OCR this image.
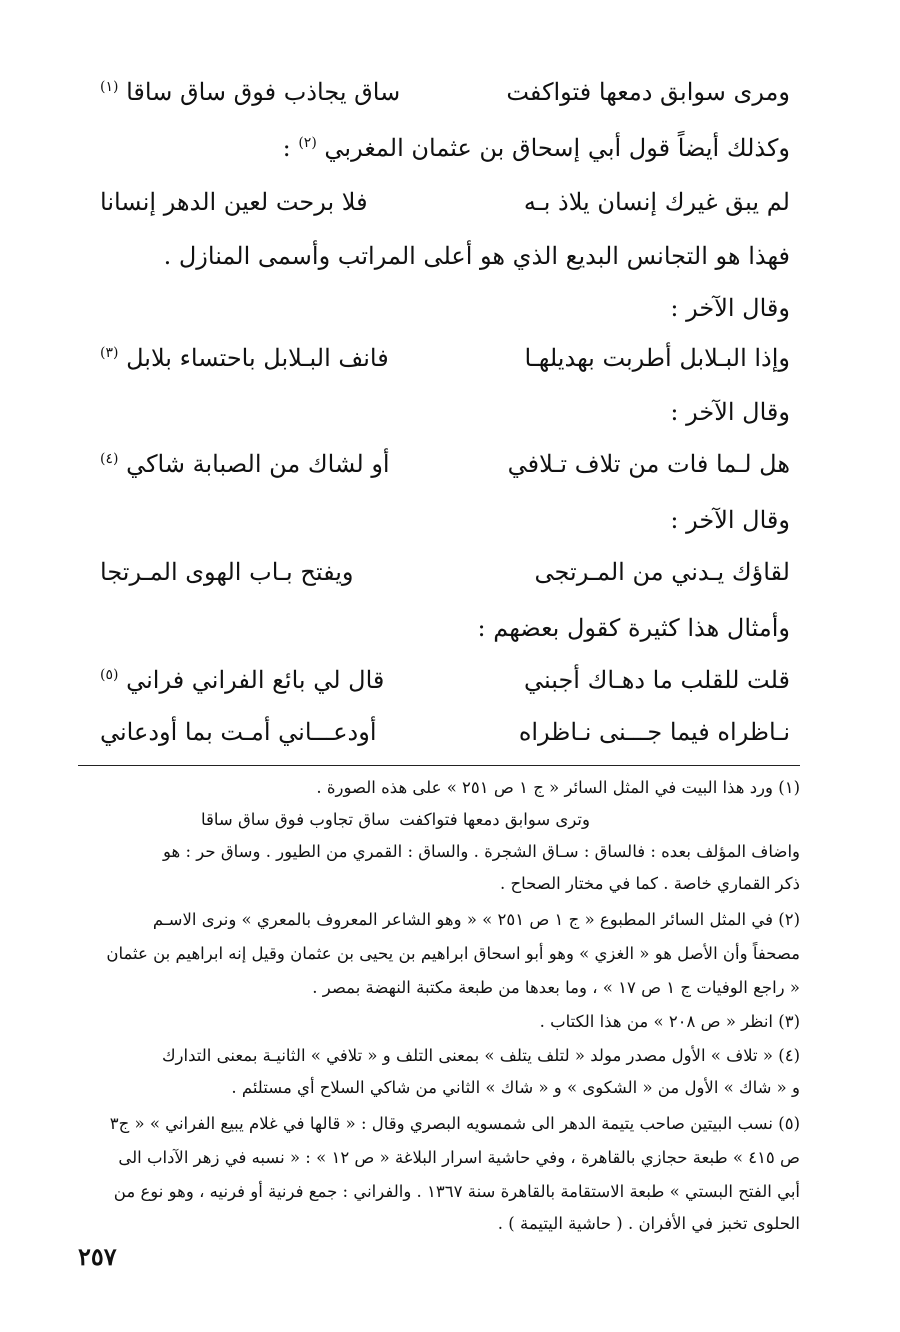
ومرى سوابق دمعها فتواكفت
ساق يجاذب فوق ساق ساقا $^{(١)}$
وكذلك أيضاً قول أبي إسحاق بن عثمان المغربي $^{(٢)}$ :
لم يبق غيرك إنسان يلاذ بـه
فلا برحت لعين الدهر إنسانا
فهذا هو التجانس البديع الذي هو أعلى المراتب وأسمى المنازل .
وقال الآخر :
وإذا البـلابل أطربت بهديلهـا
فانف البـلابل باحتساء بلابل $^{(٣)}$
وقال الآخر :
هل لـما فات من تلاف تـلافي
أو لشاك من الصبابة شاكي $^{(٤)}$
وقال الآخر :
لقاؤك يـدني من المـرتجى
ويفتح بـاب الهوى المـرتجا
وأمثال هذا كثيرة كقول بعضهم :
قلت للقلب ما دهـاك أجبني
قال لي بائع الفراني فراني $^{(٥)}$
نـاظراه فيما جـــنى نـاظراه
أودعـــاني أمـت بما أودعاني
(١) ورد هذا البيت في المثل السائر « ج ١ ص ٢٥١ » على هذه الصورة .
وترى سوابق دمعها فتواكفت
ساق تجاوب فوق ساق ساقا
واضاف المؤلف بعده : فالساق : سـاق الشجرة . والساق : القمري من الطيور . وساق حر : هو
ذكر القماري خاصة . كما في مختار الصحاح .
(٢) في المثل السائر المطبوع « ج ١ ص ٢٥١ » « وهو الشاعر المعروف بالمعري » ونرى الاسـم
مصحفاً وأن الأصل هو « الغزي » وهو أبو اسحاق ابراهيم بن يحيى بن عثمان وقيل إنه ابراهيم بن عثمان
« راجع الوفيات ج ١ ص ١٧ » ، وما بعدها من طبعة مكتبة النهضة بمصر .
(٣) انظر « ص ٢٠٨ » من هذا الكتاب .
(٤) « تلاف » الأول مصدر مولد « لتلف يتلف » بمعنى التلف و « تلافي » الثانيـة بمعنى التدارك
و « شاك » الأول من « الشكوى » و « شاك » الثاني من شاكي السلاح أي مستلئم .
(٥) نسب البيتين صاحب يتيمة الدهر الى شمسويه البصري وقال : « قالها في غلام يبيع الفراني » « ج٣
ص ٤١٥ » طبعة حجازي بالقاهرة ، وفي حاشية اسرار البلاغة « ص ١٢ » : « نسبه في زهر الآداب الى
أبي الفتح البستي » طبعة الاستقامة بالقاهرة سنة ١٣٦٧ . والفراني : جمع فرنية أو فرنيه ، وهو نوع من
الحلوى تخبز في الأفران . ( حاشية اليتيمة ) .
٢٥٧
